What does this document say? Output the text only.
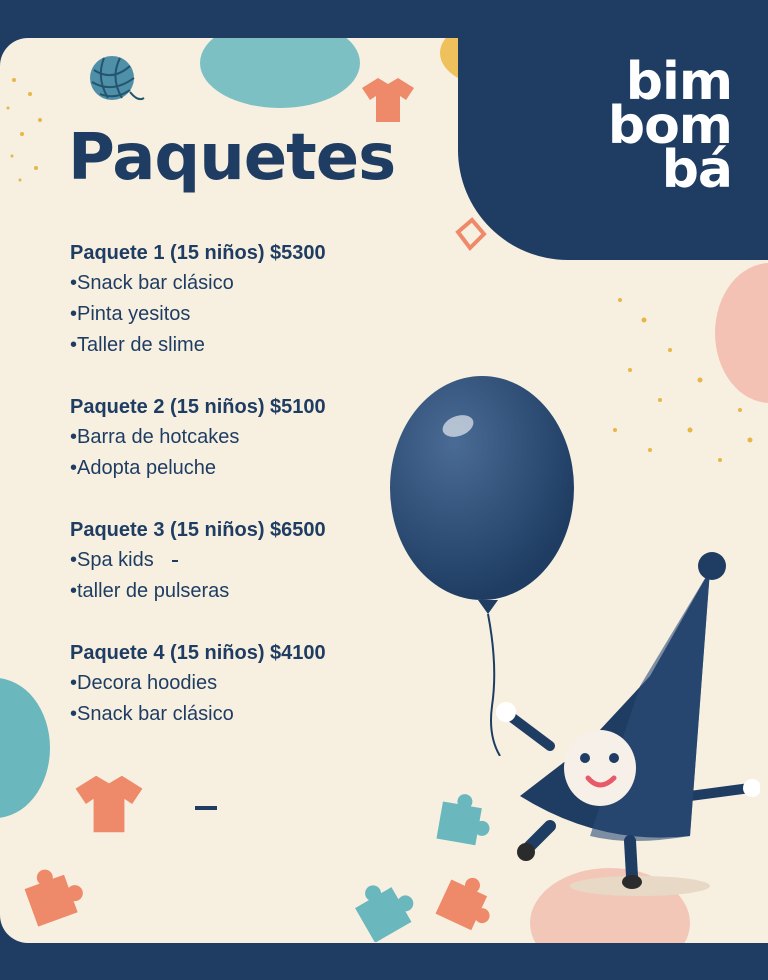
bim
bom
bá
Paquetes
Paquete 1 (15 niños) $5300
•Snack bar clásico
•Pinta yesitos
•Taller de slime
Paquete 2 (15 niños) $5100
•Barra de hotcakes
•Adopta peluche
Paquete 3 (15 niños) $6500
•Spa kids
•taller de pulseras
Paquete 4 (15 niños) $4100
•Decora hoodies
•Snack bar clásico
